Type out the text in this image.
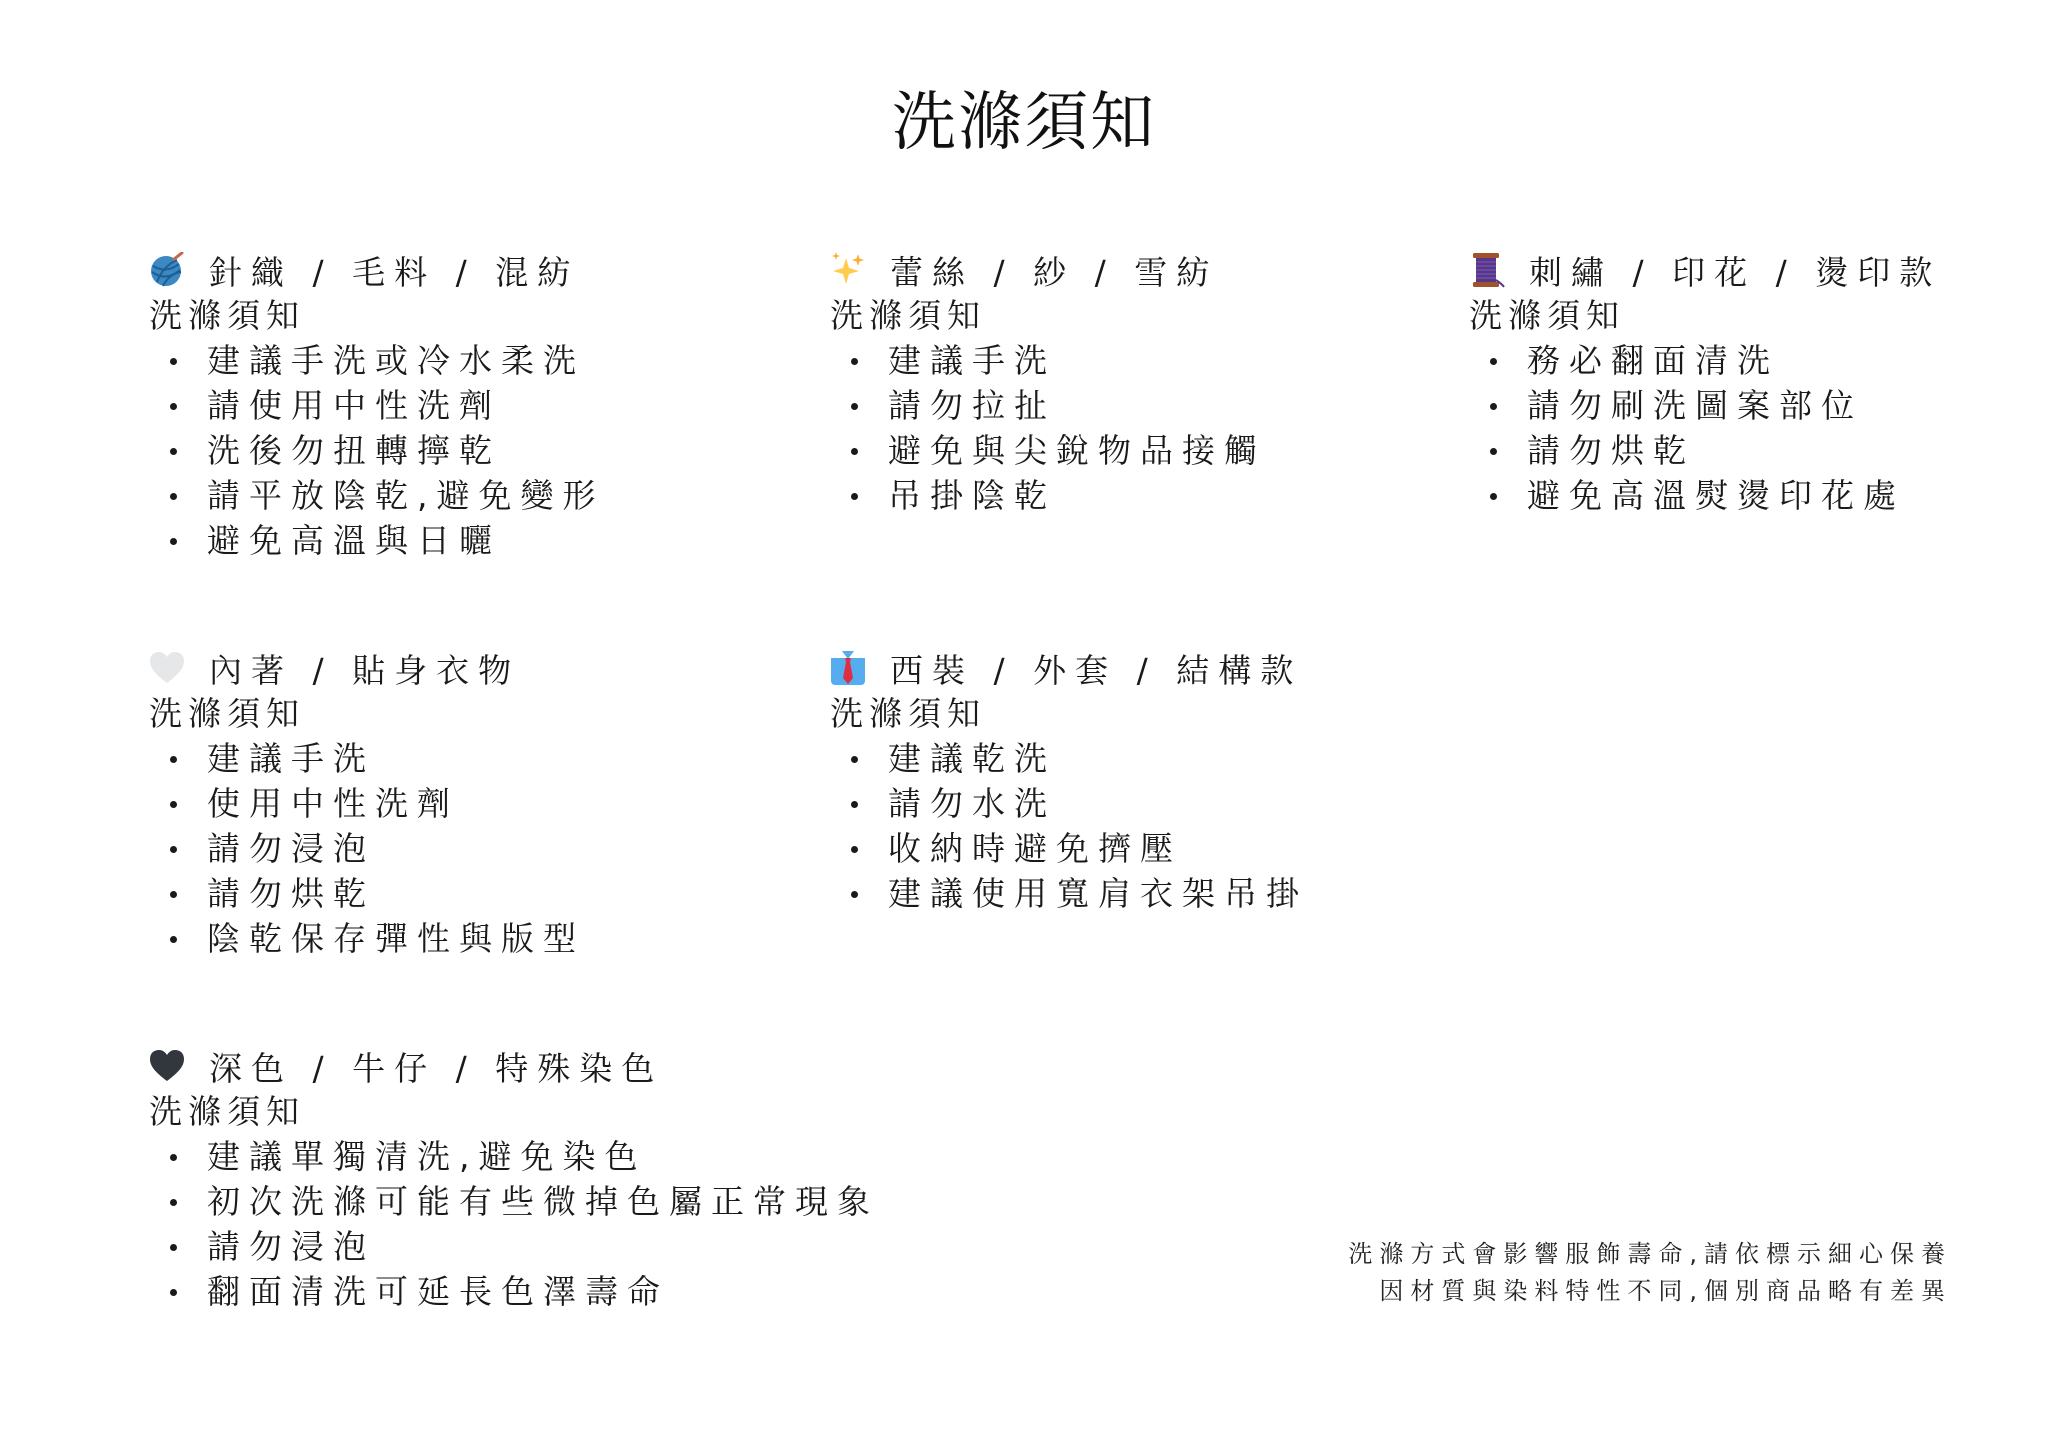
洗滌須知
針織 / 毛料 / 混紡
洗滌須知
建議手洗或冷水柔洗
請使用中性洗劑
洗後勿扭轉擰乾
請平放陰乾,避免變形
避免高溫與日曬
蕾絲 / 紗 / 雪紡
洗滌須知
建議手洗
請勿拉扯
避免與尖銳物品接觸
吊掛陰乾
刺繡 / 印花 / 燙印款
洗滌須知
務必翻面清洗
請勿刷洗圖案部位
請勿烘乾
避免高溫熨燙印花處
內著 / 貼身衣物
洗滌須知
建議手洗
使用中性洗劑
請勿浸泡
請勿烘乾
陰乾保存彈性與版型
西裝 / 外套 / 結構款
洗滌須知
建議乾洗
請勿水洗
收納時避免擠壓
建議使用寬肩衣架吊掛
深色 / 牛仔 / 特殊染色
洗滌須知
建議單獨清洗,避免染色
初次洗滌可能有些微掉色屬正常現象
請勿浸泡
翻面清洗可延長色澤壽命
洗滌方式會影響服飾壽命,請依標示細心保養
因材質與染料特性不同,個別商品略有差異
